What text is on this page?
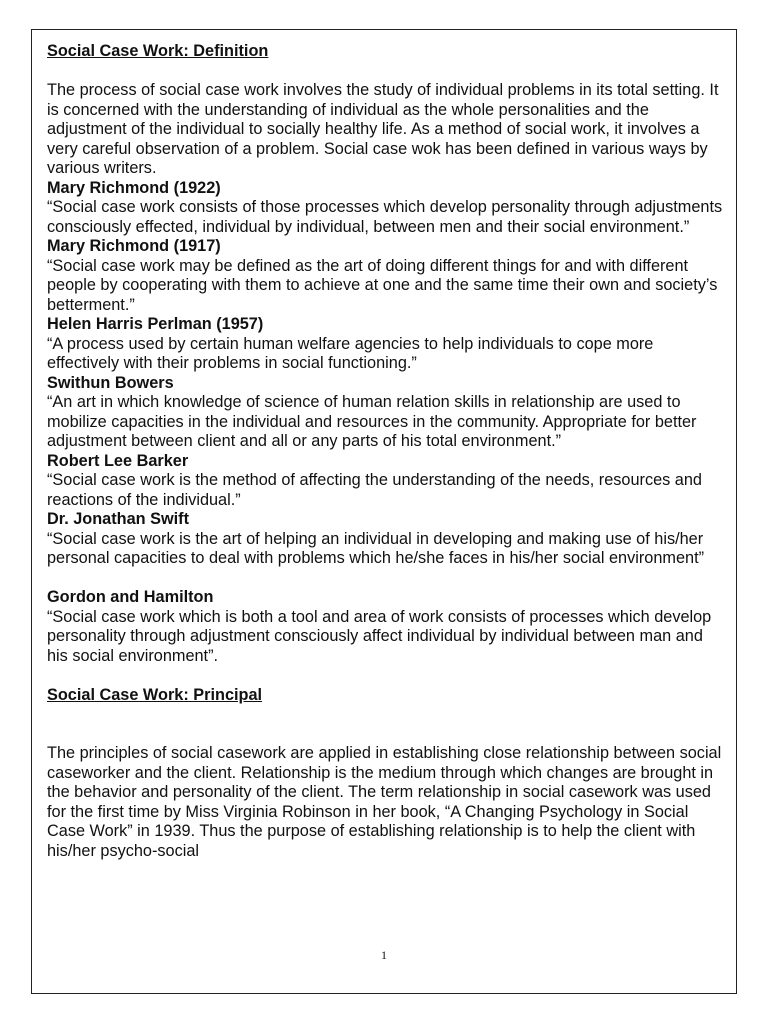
Social Case Work: Definition

The process of social case work involves the study of individual problems in its total setting. It is concerned with the understanding of individual as the whole personalities and the adjustment of the individual to socially healthy life. As a method of social work, it involves a very careful observation of a problem. Social case wok has been defined in various ways by various writers.

Mary Richmond (1922)

“Social case work consists of those processes which develop personality through adjustments consciously effected, individual by individual, between men and their social environment.”

Mary Richmond (1917)

“Social case work may be defined as the art of doing different things for and with different people by cooperating with them to achieve at one and the same time their own and society’s betterment.”

Helen Harris Perlman (1957)

“A process used by certain human welfare agencies to help individuals to cope more effectively with their problems in social functioning.”

Swithun Bowers

“An art in which knowledge of science of human relation skills in relationship are used to mobilize capacities in the individual and resources in the community. Appropriate for better adjustment between client and all or any parts of his total environment.”

Robert Lee Barker

“Social case work is the method of affecting the understanding of the needs, resources and reactions of the individual.”

Dr. Jonathan Swift

“Social case work is the art of helping an individual in developing and making use of his/her personal capacities to deal with problems which he/she faces in his/her social environment”

Gordon and Hamilton

“Social case work which is both a tool and area of work consists of processes which develop personality through adjustment consciously affect individual by individual between man and his social environment”.

Social Case Work: Principal

The principles of social casework are applied in establishing close relationship between social caseworker and the client. Relationship is the medium through which changes are brought in the behavior and personality of the client. The term relationship in social casework was used for the first time by Miss Virginia Robinson in her book, “A Changing Psychology in Social Case Work” in 1939. Thus the purpose of establishing relationship is to help the client with his/her psycho-social

1
